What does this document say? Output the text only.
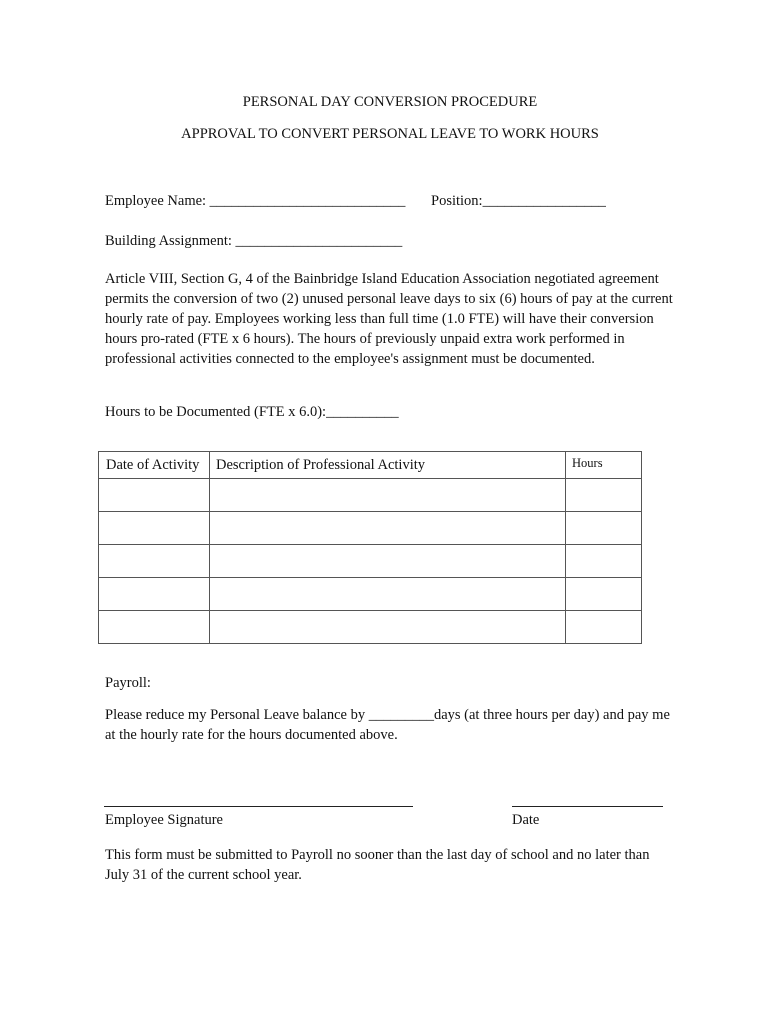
PERSONAL DAY CONVERSION PROCEDURE
APPROVAL TO CONVERT PERSONAL LEAVE TO WORK HOURS
Employee Name: ___________________________ Position:_________________
Building Assignment: _______________________
Article VIII, Section G, 4 of the Bainbridge Island Education Association negotiated agreement permits the conversion of two (2) unused personal leave days to six (6) hours of pay at the current hourly rate of pay. Employees working less than full time (1.0 FTE) will have their conversion hours pro-rated (FTE x 6 hours). The hours of previously unpaid extra work performed in professional activities connected to the employee's assignment must be documented.
Hours to be Documented (FTE x 6.0):__________
Date of Activity	Description of Professional Activity	Hours

Payroll:
Please reduce my Personal Leave balance by _________days (at three hours per day) and pay me at the hourly rate for the hours documented above.
Employee Signature	Date
This form must be submitted to Payroll no sooner than the last day of school and no later than July 31 of the current school year.
